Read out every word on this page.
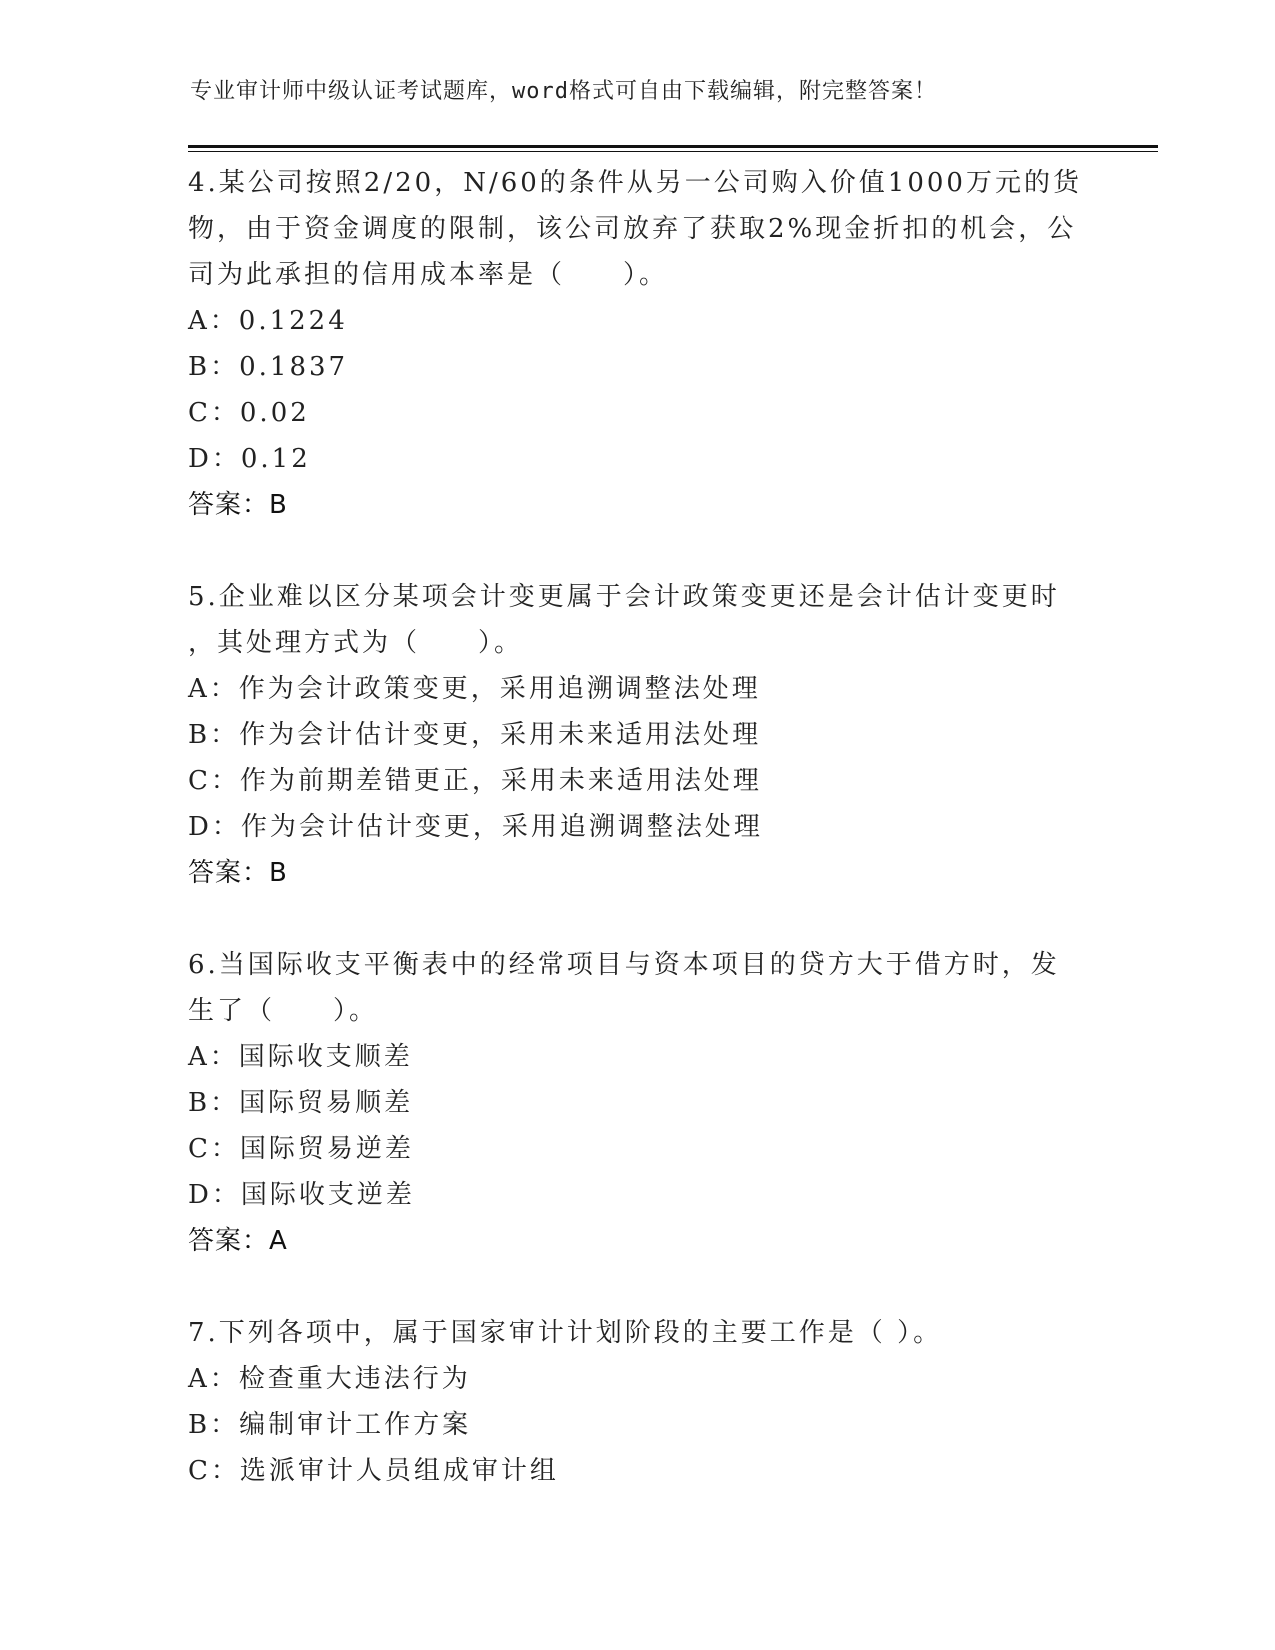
专业审计师中级认证考试题库，word格式可自由下载编辑，附完整答案！

4.某公司按照2/20，N/60的条件从另一公司购入价值1000万元的货

物，由于资金调度的限制，该公司放弃了获取2%现金折扣的机会，公

司为此承担的信用成本率是（　　）。

A：0.1224

B：0.1837

C：0.02

D：0.12

答案：B

5.企业难以区分某项会计变更属于会计政策变更还是会计估计变更时

，其处理方式为（　　）。

A：作为会计政策变更，采用追溯调整法处理

B：作为会计估计变更，采用未来适用法处理

C：作为前期差错更正，采用未来适用法处理

D：作为会计估计变更，采用追溯调整法处理

答案：B

6.当国际收支平衡表中的经常项目与资本项目的贷方大于借方时，发

生了（　　）。

A：国际收支顺差

B：国际贸易顺差

C：国际贸易逆差

D：国际收支逆差

答案：A

7.下列各项中，属于国家审计计划阶段的主要工作是（ ）。

A：检查重大违法行为

B：编制审计工作方案

C：选派审计人员组成审计组
